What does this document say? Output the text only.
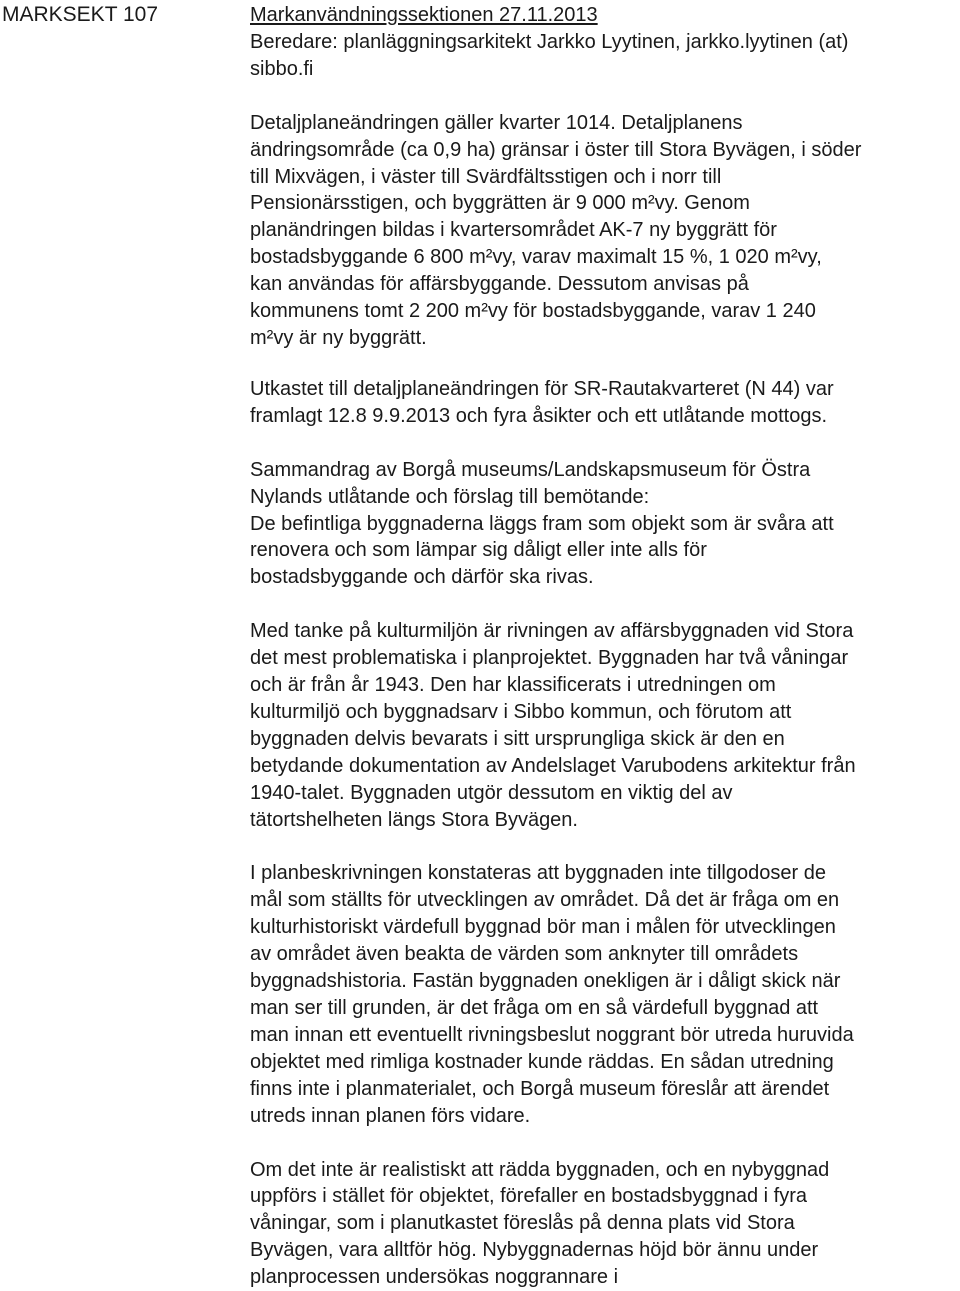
MARKSEKT 107	Markanvändningssektionen 27.11.2013
Beredare: planläggningsarkitekt Jarkko Lyytinen, jarkko.lyytinen (at)
sibbo.fi
Detaljplaneändringen gäller kvarter 1014. Detaljplanens
ändringsområde (ca 0,9 ha) gränsar i öster till Stora Byvägen, i söder
till Mixvägen, i väster till Svärdfältsstigen och i norr till
Pensionärsstigen, och byggrätten är 9 000 m²vy. Genom
planändringen bildas i kvartersområdet AK-7 ny byggrätt för
bostadsbyggande 6 800 m²vy, varav maximalt 15 %, 1 020 m²vy,
kan användas för affärsbyggande. Dessutom anvisas på
kommunens tomt 2 200 m²vy för bostadsbyggande, varav 1 240
m²vy är ny byggrätt.
Utkastet till detaljplaneändringen för SR-Rautakvarteret (N 44) var
framlagt 12.8 9.9.2013 och fyra åsikter och ett utlåtande mottogs.
Sammandrag av Borgå museums/Landskapsmuseum för Östra
Nylands utlåtande och förslag till bemötande:
De befintliga byggnaderna läggs fram som objekt som är svåra att
renovera och som lämpar sig dåligt eller inte alls för
bostadsbyggande och därför ska rivas.
Med tanke på kulturmiljön är rivningen av affärsbyggnaden vid Stora
det mest problematiska i planprojektet. Byggnaden har två våningar
och är från år 1943. Den har klassificerats i utredningen om
kulturmiljö och byggnadsarv i Sibbo kommun, och förutom att
byggnaden delvis bevarats i sitt ursprungliga skick är den en
betydande dokumentation av Andelslaget Varubodens arkitektur från
1940-talet. Byggnaden utgör dessutom en viktig del av
tätortshelheten längs Stora Byvägen.
I planbeskrivningen konstateras att byggnaden inte tillgodoser de
mål som ställts för utvecklingen av området. Då det är fråga om en
kulturhistoriskt värdefull byggnad bör man i målen för utvecklingen
av området även beakta de värden som anknyter till områdets
byggnadshistoria. Fastän byggnaden onekligen är i dåligt skick när
man ser till grunden, är det fråga om en så värdefull byggnad att
man innan ett eventuellt rivningsbeslut noggrant bör utreda huruvida
objektet med rimliga kostnader kunde räddas. En sådan utredning
finns inte i planmaterialet, och Borgå museum föreslår att ärendet
utreds innan planen förs vidare.
Om det inte är realistiskt att rädda byggnaden, och en nybyggnad
uppförs i stället för objektet, förefaller en bostadsbyggnad i fyra
våningar, som i planutkastet föreslås på denna plats vid Stora
Byvägen, vara alltför hög. Nybyggnadernas höjd bör ännu under
planprocessen undersökas noggrannare i
